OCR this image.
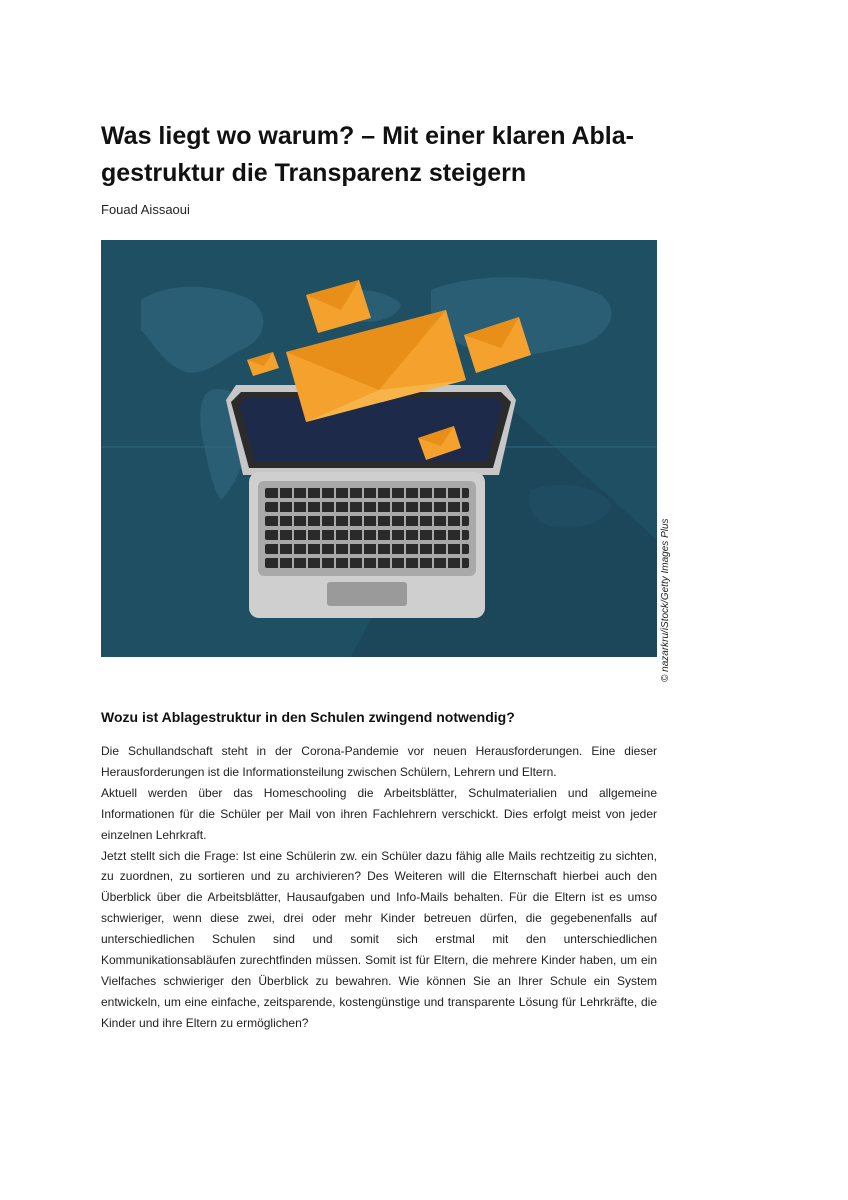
Was liegt wo warum? – Mit einer klaren Abla-
gestruktur die Transparenz steigern
Fouad Aissaoui
© nazarkru/iStock/Getty Images Plus
Wozu ist Ablagestruktur in den Schulen zwingend notwendig?

Die Schullandschaft steht in der Corona-Pandemie vor neuen Herausforderungen. Eine dieser Herausforderungen ist die Informationsteilung zwischen Schülern, Lehrern und Eltern.

Aktuell werden über das Homeschooling die Arbeitsblätter, Schulmaterialien und allgemeine Informationen für die Schüler per Mail von ihren Fachlehrern verschickt. Dies erfolgt meist von jeder einzelnen Lehrkraft.

Jetzt stellt sich die Frage: Ist eine Schülerin zw. ein Schüler dazu fähig alle Mails rechtzeitig zu sichten, zu zuordnen, zu sortieren und zu archivieren? Des Weiteren will die Elternschaft hierbei auch den Überblick über die Arbeitsblätter, Hausaufgaben und Info-Mails behalten. Für die Eltern ist es umso schwieriger, wenn diese zwei, drei oder mehr Kinder betreuen dürfen, die gegebenenfalls auf unterschiedlichen Schulen sind und somit sich erstmal mit den unterschiedlichen Kommunikationsabläufen zurechtfinden müssen. Somit ist für Eltern, die mehrere Kinder haben, um ein Vielfaches schwieriger den Überblick zu bewahren. Wie können Sie an Ihrer Schule ein System entwickeln, um eine einfache, zeitsparende, kostengünstige und transparente Lösung für Lehrkräfte, die Kinder und ihre Eltern zu ermöglichen?
